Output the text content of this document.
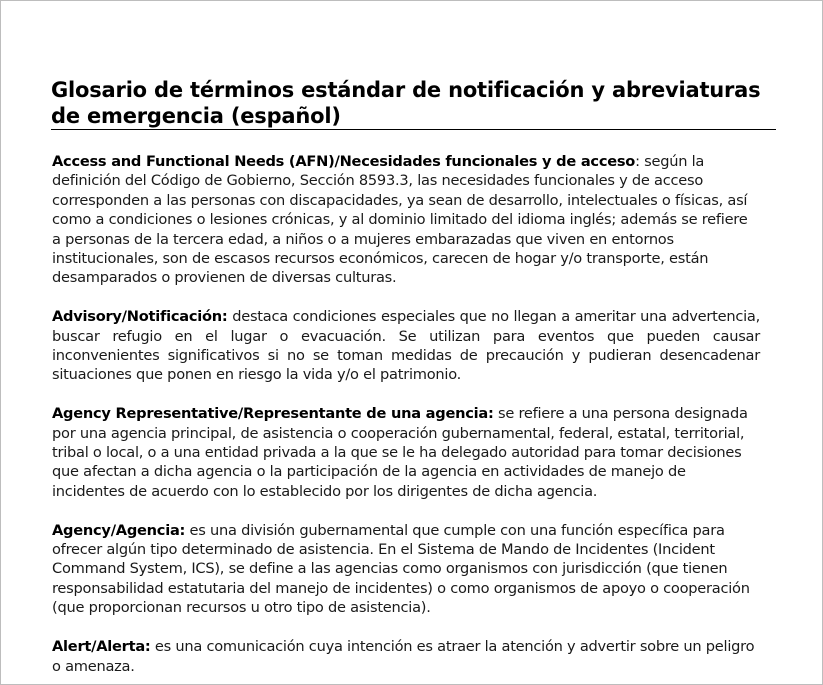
Glosario de términos estándar de notificación y abreviaturas de emergencia (español)

Access and Functional Needs (AFN)/Necesidades funcionales y de acceso: según la definición del Código de Gobierno, Sección 8593.3, las necesidades funcionales y de acceso corresponden a las personas con discapacidades, ya sean de desarrollo, intelectuales o físicas, así como a condiciones o lesiones crónicas, y al dominio limitado del idioma inglés; además se refiere a personas de la tercera edad, a niños o a mujeres embarazadas que viven en entornos institucionales, son de escasos recursos económicos, carecen de hogar y/o transporte, están desamparados o provienen de diversas culturas.

Advisory/Notificación: destaca condiciones especiales que no llegan a ameritar una advertencia, buscar refugio en el lugar o evacuación. Se utilizan para eventos que pueden causar inconvenientes significativos si no se toman medidas de precaución y pudieran desencadenar situaciones que ponen en riesgo la vida y/o el patrimonio.

Agency Representative/Representante de una agencia: se refiere a una persona designada por una agencia principal, de asistencia o cooperación gubernamental, federal, estatal, territorial, tribal o local, o a una entidad privada a la que se le ha delegado autoridad para tomar decisiones que afectan a dicha agencia o la participación de la agencia en actividades de manejo de incidentes de acuerdo con lo establecido por los dirigentes de dicha agencia.

Agency/Agencia: es una división gubernamental que cumple con una función específica para ofrecer algún tipo determinado de asistencia. En el Sistema de Mando de Incidentes (Incident Command System, ICS), se define a las agencias como organismos con jurisdicción (que tienen responsabilidad estatutaria del manejo de incidentes) o como organismos de apoyo o cooperación (que proporcionan recursos u otro tipo de asistencia).

Alert/Alerta: es una comunicación cuya intención es atraer la atención y advertir sobre un peligro o amenaza.
